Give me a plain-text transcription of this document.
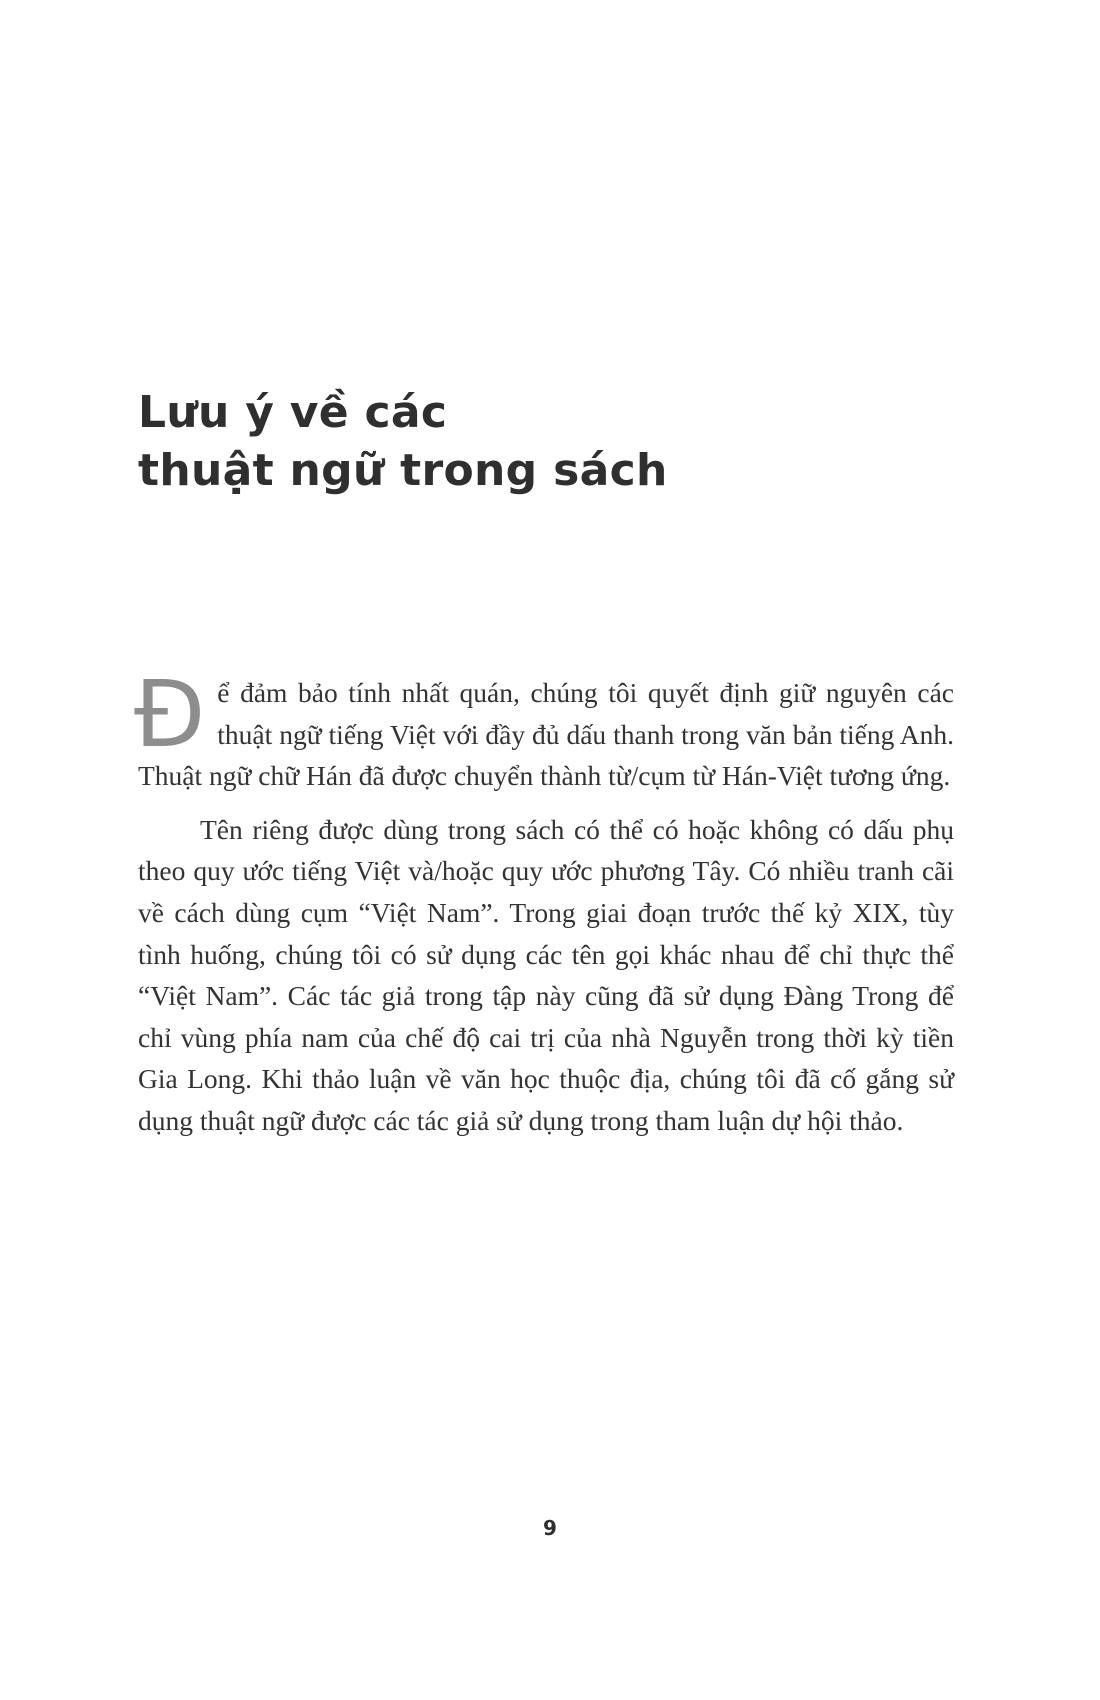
Lưu ý về các
thuật ngữ trong sách

Để đảm bảo tính nhất quán, chúng tôi quyết định giữ nguyên các thuật ngữ tiếng Việt với đầy đủ dấu thanh trong văn bản tiếng Anh. Thuật ngữ chữ Hán đã được chuyển thành từ/cụm từ Hán-Việt tương ứng.

Tên riêng được dùng trong sách có thể có hoặc không có dấu phụ theo quy ước tiếng Việt và/hoặc quy ước phương Tây. Có nhiều tranh cãi về cách dùng cụm “Việt Nam”. Trong giai đoạn trước thế kỷ XIX, tùy tình huống, chúng tôi có sử dụng các tên gọi khác nhau để chỉ thực thể “Việt Nam”. Các tác giả trong tập này cũng đã sử dụng Đàng Trong để chỉ vùng phía nam của chế độ cai trị của nhà Nguyễn trong thời kỳ tiền Gia Long. Khi thảo luận về văn học thuộc địa, chúng tôi đã cố gắng sử dụng thuật ngữ được các tác giả sử dụng trong tham luận dự hội thảo.

9
